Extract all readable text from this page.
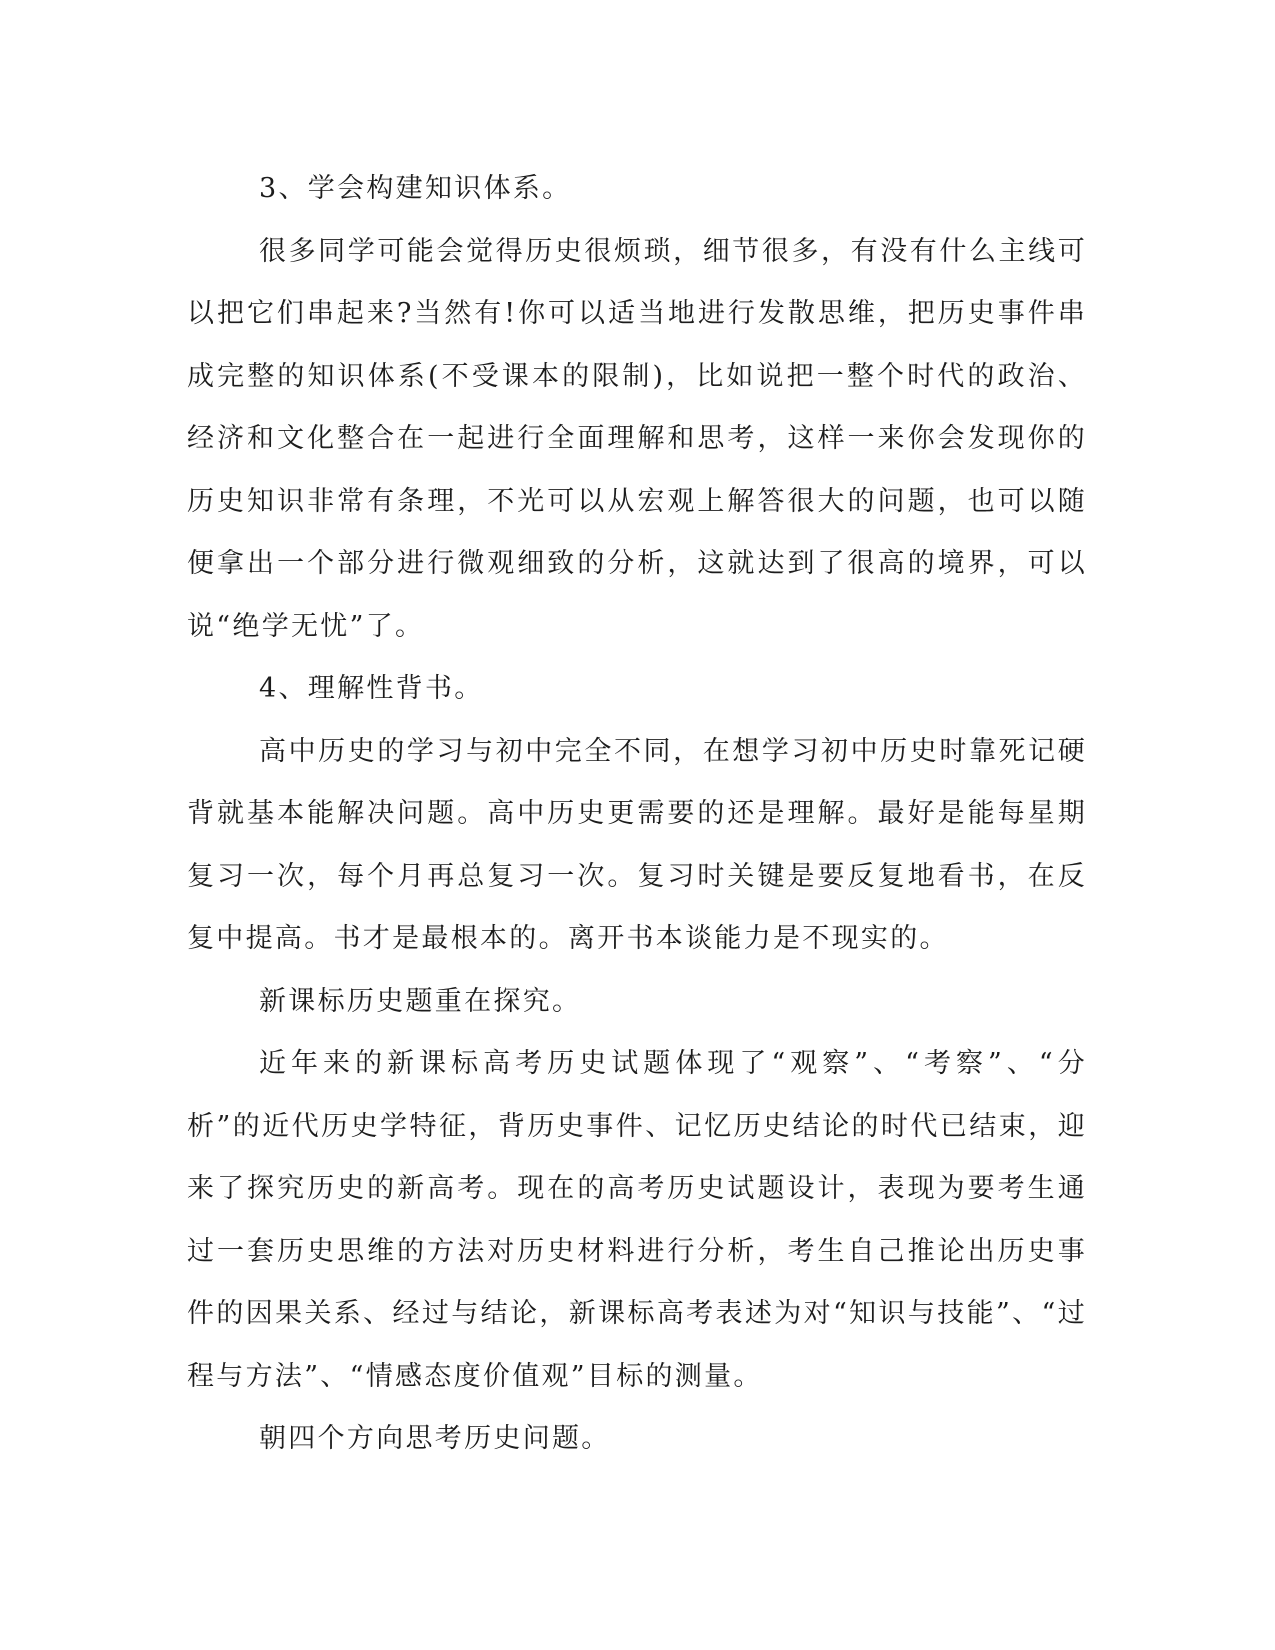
3、学会构建知识体系。

很多同学可能会觉得历史很烦琐，细节很多，有没有什么主线可以把它们串起来?当然有!你可以适当地进行发散思维，把历史事件串成完整的知识体系(不受课本的限制)，比如说把一整个时代的政治、经济和文化整合在一起进行全面理解和思考，这样一来你会发现你的历史知识非常有条理，不光可以从宏观上解答很大的问题，也可以随便拿出一个部分进行微观细致的分析，这就达到了很高的境界，可以说“绝学无忧”了。

4、理解性背书。

高中历史的学习与初中完全不同，在想学习初中历史时靠死记硬背就基本能解决问题。高中历史更需要的还是理解。最好是能每星期复习一次，每个月再总复习一次。复习时关键是要反复地看书，在反复中提高。书才是最根本的。离开书本谈能力是不现实的。

新课标历史题重在探究。

近年来的新课标高考历史试题体现了“观察”、“考察”、“分析”的近代历史学特征，背历史事件、记忆历史结论的时代已结束，迎来了探究历史的新高考。现在的高考历史试题设计，表现为要考生通过一套历史思维的方法对历史材料进行分析，考生自己推论出历史事件的因果关系、经过与结论，新课标高考表述为对“知识与技能”、“过程与方法”、“情感态度价值观”目标的测量。

朝四个方向思考历史问题。
